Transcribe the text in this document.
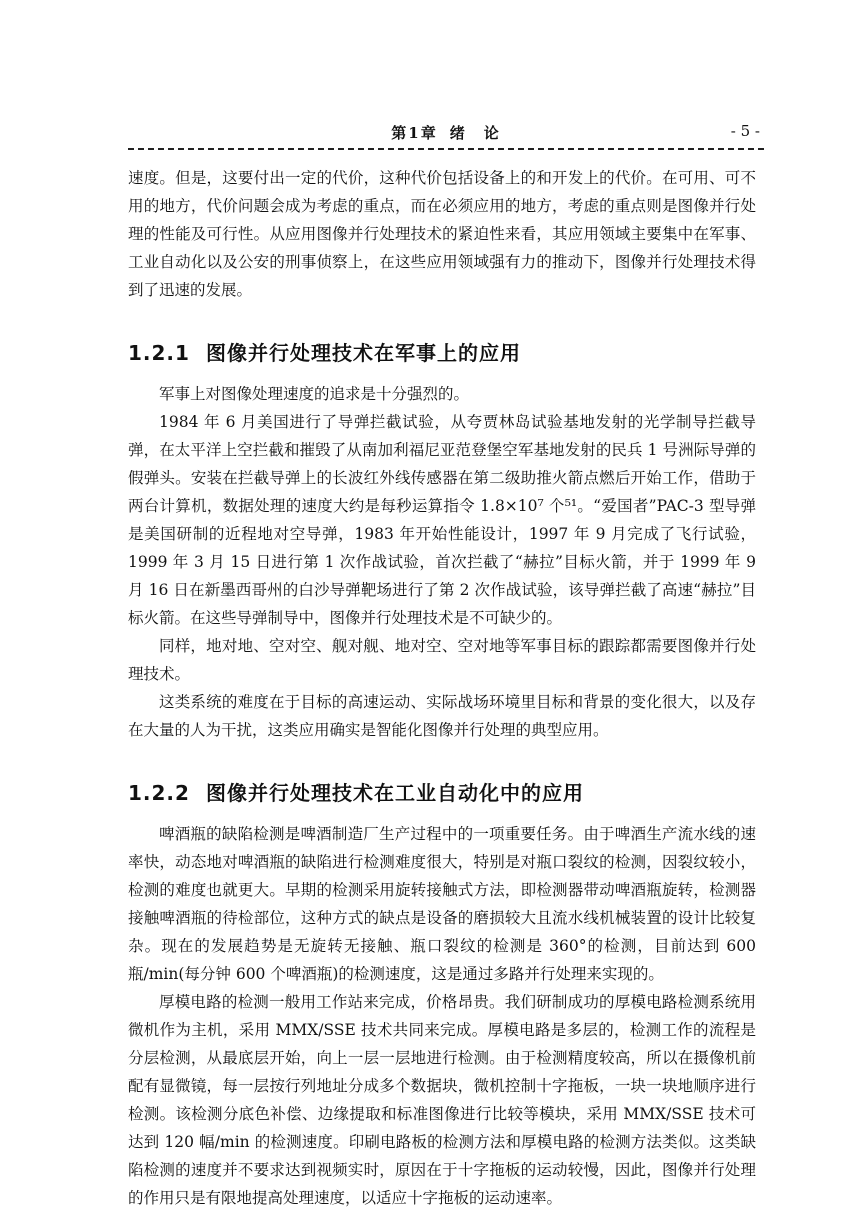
第1章 绪　论	- 5 -

速度。但是，这要付出一定的代价，这种代价包括设备上的和开发上的代价。在可用、可不用的地方，代价问题会成为考虑的重点，而在必须应用的地方，考虑的重点则是图像并行处理的性能及可行性。从应用图像并行处理技术的紧迫性来看，其应用领域主要集中在军事、工业自动化以及公安的刑事侦察上，在这些应用领域强有力的推动下，图像并行处理技术得到了迅速的发展。

1.2.1 图像并行处理技术在军事上的应用

军事上对图像处理速度的追求是十分强烈的。

1984 年 6 月美国进行了导弹拦截试验，从夸贾林岛试验基地发射的光学制导拦截导弹，在太平洋上空拦截和摧毁了从南加利福尼亚范登堡空军基地发射的民兵 1 号洲际导弹的假弹头。安装在拦截导弹上的长波红外线传感器在第二级助推火箭点燃后开始工作，借助于两台计算机，数据处理的速度大约是每秒运算指令 1.8×10⁷ 个⁵¹。“爱国者”PAC-3 型导弹是美国研制的近程地对空导弹，1983 年开始性能设计，1997 年 9 月完成了飞行试验，1999 年 3 月 15 日进行第 1 次作战试验，首次拦截了“赫拉”目标火箭，并于 1999 年 9 月 16 日在新墨西哥州的白沙导弹靶场进行了第 2 次作战试验，该导弹拦截了高速“赫拉”目标火箭。在这些导弹制导中，图像并行处理技术是不可缺少的。

同样，地对地、空对空、舰对舰、地对空、空对地等军事目标的跟踪都需要图像并行处理技术。

这类系统的难度在于目标的高速运动、实际战场环境里目标和背景的变化很大，以及存在大量的人为干扰，这类应用确实是智能化图像并行处理的典型应用。

1.2.2 图像并行处理技术在工业自动化中的应用

啤酒瓶的缺陷检测是啤酒制造厂生产过程中的一项重要任务。由于啤酒生产流水线的速率快，动态地对啤酒瓶的缺陷进行检测难度很大，特别是对瓶口裂纹的检测，因裂纹较小，检测的难度也就更大。早期的检测采用旋转接触式方法，即检测器带动啤酒瓶旋转，检测器接触啤酒瓶的待检部位，这种方式的缺点是设备的磨损较大且流水线机械装置的设计比较复杂。现在的发展趋势是无旋转无接触、瓶口裂纹的检测是 360°的检测，目前达到 600 瓶/min(每分钟 600 个啤酒瓶)的检测速度，这是通过多路并行处理来实现的。

厚模电路的检测一般用工作站来完成，价格昂贵。我们研制成功的厚模电路检测系统用微机作为主机，采用 MMX/SSE 技术共同来完成。厚模电路是多层的，检测工作的流程是分层检测，从最底层开始，向上一层一层地进行检测。由于检测精度较高，所以在摄像机前配有显微镜，每一层按行列地址分成多个数据块，微机控制十字拖板，一块一块地顺序进行检测。该检测分底色补偿、边缘提取和标准图像进行比较等模块，采用 MMX/SSE 技术可达到 120 幅/min 的检测速度。印刷电路板的检测方法和厚模电路的检测方法类似。这类缺陷检测的速度并不要求达到视频实时，原因在于十字拖板的运动较慢，因此，图像并行处理的作用只是有限地提高处理速度，以适应十字拖板的运动速率。
